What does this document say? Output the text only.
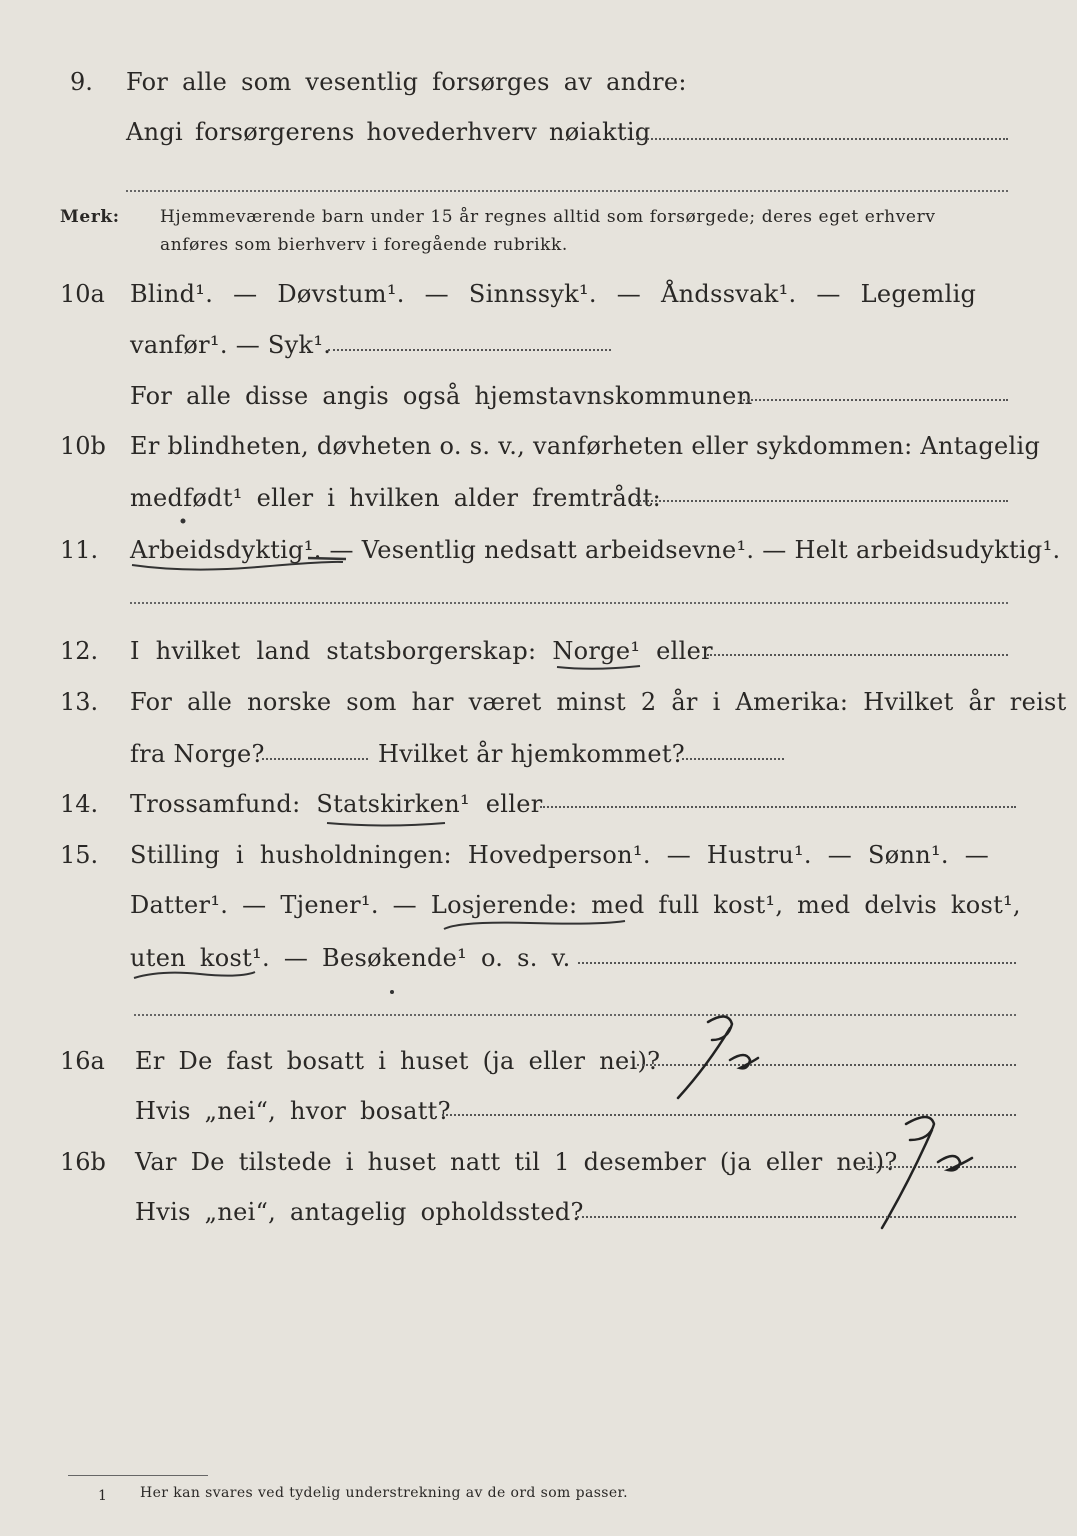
9. For alle som vesentlig forsørges av andre:
Angi forsørgerens hovederhverv nøiaktig
Merk: Hjemmeværende barn under 15 år regnes alltid som forsørgede; deres eget erhverv
anføres som bierhverv i foregående rubrikk.
10a Blind¹. — Døvstum¹. — Sinnssyk¹. — Åndssvak¹. — Legemlig
vanfør¹. — Syk¹.
For alle disse angis også hjemstavnskommunen
10b Er blindheten, døvheten o. s. v., vanførheten eller sykdommen: Antagelig
medfødt¹ eller i hvilken alder fremtrådt:
11. Arbeidsdyktig¹. — Vesentlig nedsatt arbeidsevne¹. — Helt arbeidsudyktig¹.
12. I hvilket land statsborgerskap: Norge¹ eller
13. For alle norske som har været minst 2 år i Amerika: Hvilket år reist
fra Norge?	Hvilket år hjemkommet?
14. Trossamfund: Statskirken¹ eller
15. Stilling i husholdningen: Hovedperson¹. — Hustru¹. — Sønn¹. —
Datter¹. — Tjener¹. — Losjerende: med full kost¹, med delvis kost¹,
uten kost¹. — Besøkende¹ o. s. v.
16a Er De fast bosatt i huset (ja eller nei)?
Hvis „nei“, hvor bosatt?
16b Var De tilstede i huset natt til 1 desember (ja eller nei)?
Hvis „nei“, antagelig opholdssted?
1 Her kan svares ved tydelig understrekning av de ord som passer.
